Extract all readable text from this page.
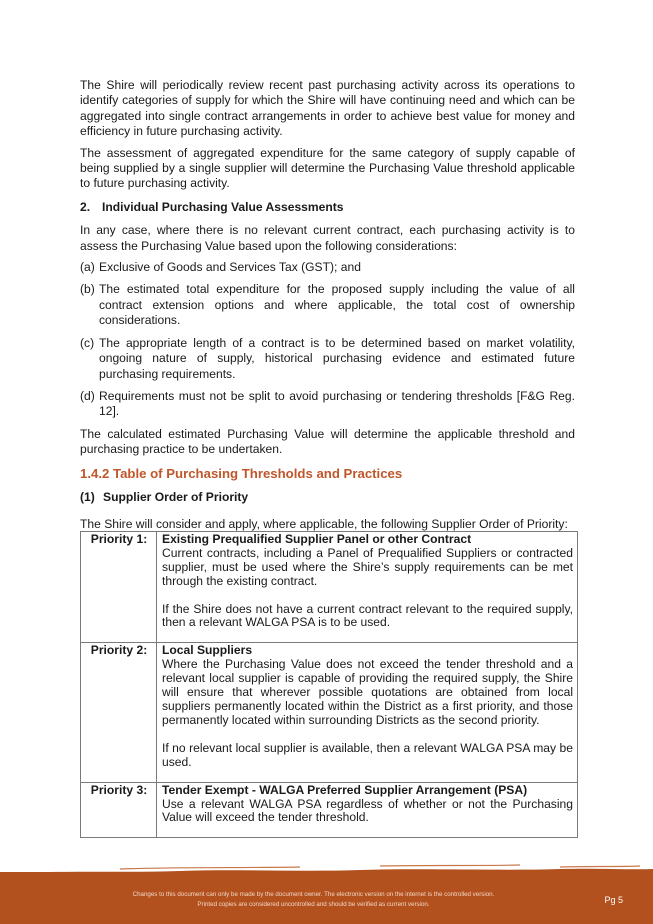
The Shire will periodically review recent past purchasing activity across its operations to identify categories of supply for which the Shire will have continuing need and which can be aggregated into single contract arrangements in order to achieve best value for money and efficiency in future purchasing activity.

The assessment of aggregated expenditure for the same category of supply capable of being supplied by a single supplier will determine the Purchasing Value threshold applicable to future purchasing activity.

2. Individual Purchasing Value Assessments

In any case, where there is no relevant current contract, each purchasing activity is to assess the Purchasing Value based upon the following considerations:

(a) Exclusive of Goods and Services Tax (GST); and
(b) The estimated total expenditure for the proposed supply including the value of all contract extension options and where applicable, the total cost of ownership considerations.
(c) The appropriate length of a contract is to be determined based on market volatility, ongoing nature of supply, historical purchasing evidence and estimated future purchasing requirements.
(d) Requirements must not be split to avoid purchasing or tendering thresholds [F&G Reg. 12].

The calculated estimated Purchasing Value will determine the applicable threshold and purchasing practice to be undertaken.

1.4.2 Table of Purchasing Thresholds and Practices
(1) Supplier Order of Priority

The Shire will consider and apply, where applicable, the following Supplier Order of Priority:

Priority 1:	Existing Prequalified Supplier Panel or other Contract
Current contracts, including a Panel of Prequalified Suppliers or contracted supplier, must be used where the Shire’s supply requirements can be met through the existing contract.
If the Shire does not have a current contract relevant to the required supply, then a relevant WALGA PSA is to be used.
Priority 2:	Local Suppliers
Where the Purchasing Value does not exceed the tender threshold and a relevant local supplier is capable of providing the required supply, the Shire will ensure that wherever possible quotations are obtained from local suppliers permanently located within the District as a first priority, and those permanently located within surrounding Districts as the second priority.
If no relevant local supplier is available, then a relevant WALGA PSA may be used.
Priority 3:	Tender Exempt - WALGA Preferred Supplier Arrangement (PSA)
Use a relevant WALGA PSA regardless of whether or not the Purchasing Value will exceed the tender threshold.
Changes to this document can only be made by the document owner. The electronic version on the internet is the controlled version.
Printed copies are considered uncontrolled and should be verified as current version.	Pg 5
